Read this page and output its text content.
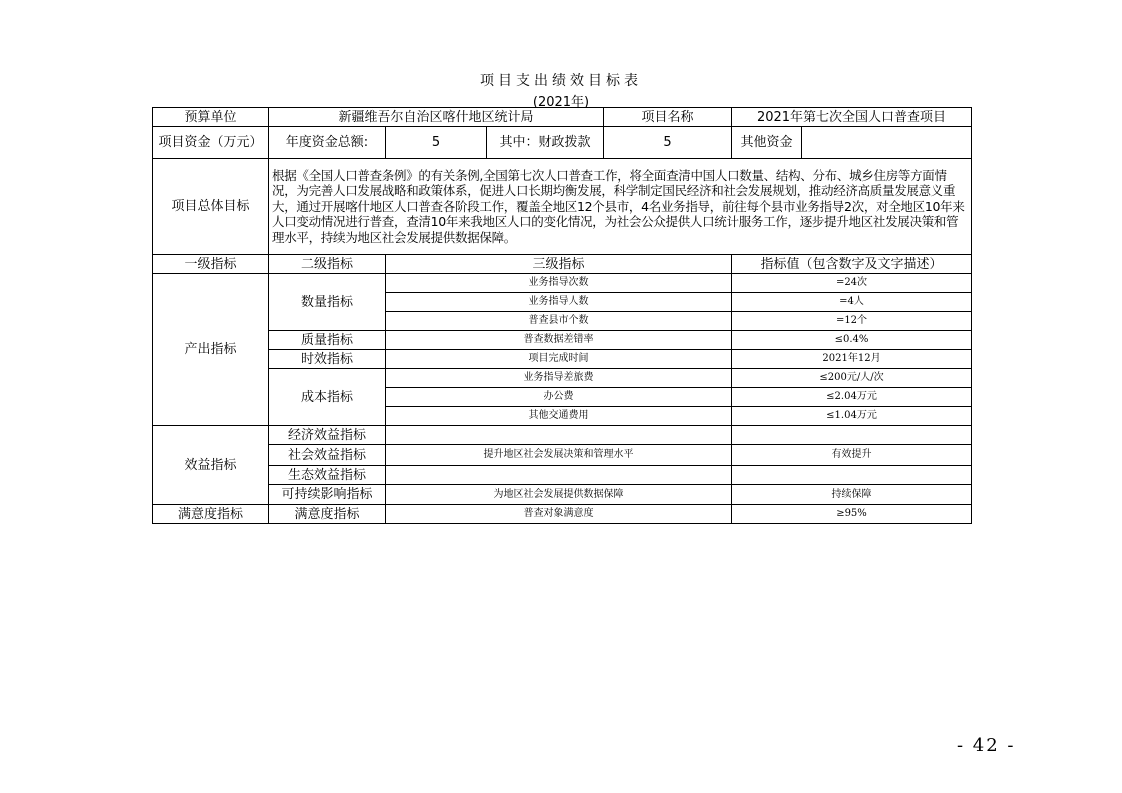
项目支出绩效目标表
(2021年)
预算单位	新疆维吾尔自治区喀什地区统计局			项目名称	2021年第七次全国人口普查项目	
项目资金（万元）	年度资金总额:	5	其中：财政拨款	5	其他资金	
项目总体目标	根据《全国人口普查条例》的有关条例,全国第七次人口普查工作，将全面查清中国人口数量、结构、分布、城乡住房等方面情况，为完善人口发展战略和政策体系，促进人口长期均衡发展，科学制定国民经济和社会发展规划，推动经济高质量发展意义重大，通过开展喀什地区人口普查各阶段工作，覆盖全地区12个县市，4名业务指导，前往每个县市业务指导2次，对全地区10年来人口变动情况进行普查，查清10年来我地区人口的变化情况，为社会公众提供人口统计服务工作，逐步提升地区社发展决策和管理水平，持续为地区社会发展提供数据保障。					
一级指标	二级指标	三级指标			指标值（包含数字及文字描述）	
产出指标	数量指标	业务指导次数			=24次	
		业务指导人数			=4人	
		普查县市个数			=12个	
	质量指标	普查数据差错率			≤0.4%	
	时效指标	项目完成时间			2021年12月	
	成本指标	业务指导差旅费			≤200元/人/次	
		办公费			≤2.04万元	
		其他交通费用			≤1.04万元	
效益指标	经济效益指标					
	社会效益指标	提升地区社会发展决策和管理水平			有效提升	
	生态效益指标					
	可持续影响指标	为地区社会发展提供数据保障			持续保障	
满意度指标	满意度指标	普查对象满意度			≥95%	
- 42 -
